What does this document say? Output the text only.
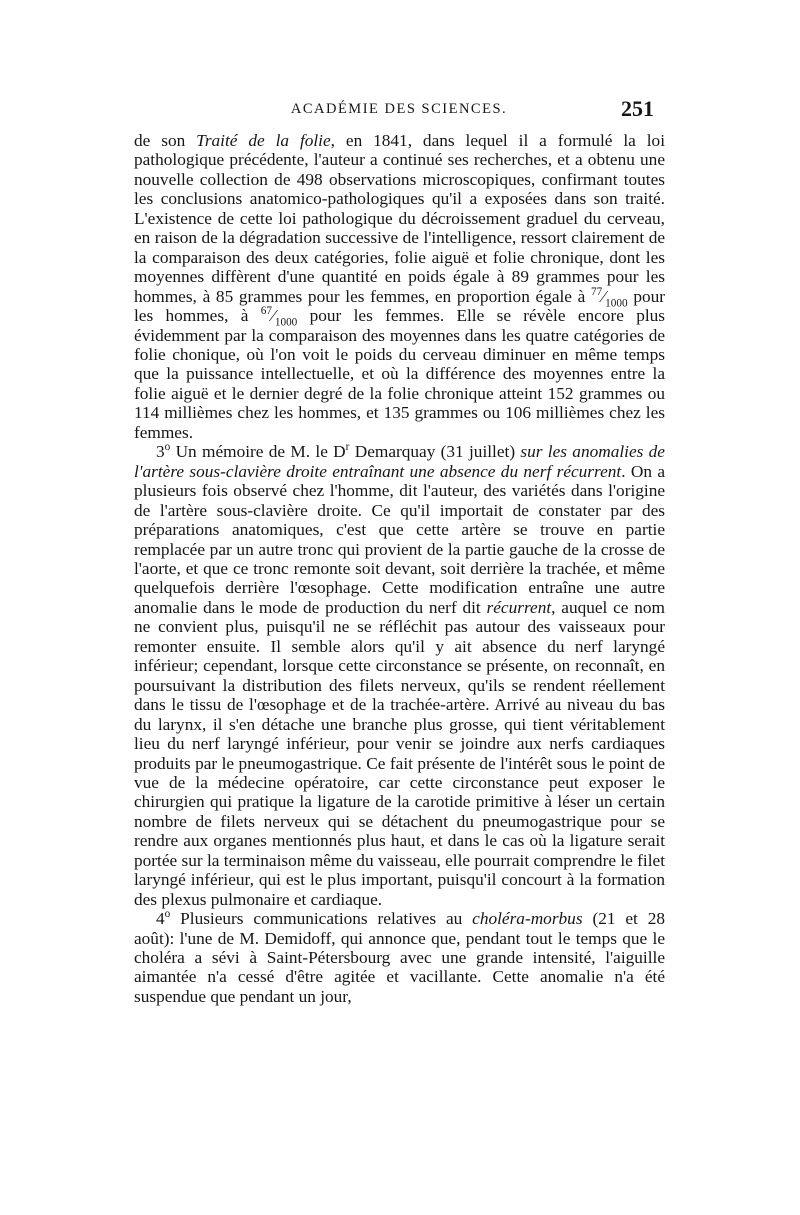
ACADÉMIE DES SCIENCES.	251

de son Traité de la folie, en 1841, dans lequel il a formulé la loi pathologique précédente, l'auteur a continué ses recherches, et a obtenu une nouvelle collection de 498 observations microscopiques, confirmant toutes les conclusions anatomico-pathologiques qu'il a exposées dans son traité. L'existence de cette loi pathologique du décroissement graduel du cerveau, en raison de la dégradation successive de l'intelligence, ressort clairement de la comparaison des deux catégories, folie aiguë et folie chronique, dont les moyennes diffèrent d'une quantité en poids égale à 89 grammes pour les hommes, à 85 grammes pour les femmes, en proportion égale à $^{77}⁄_{1000}$ pour les hommes, à $^{67}⁄_{1000}$ pour les femmes. Elle se révèle encore plus évidemment par la comparaison des moyennes dans les quatre catégories de folie chonique, où l'on voit le poids du cerveau diminuer en même temps que la puissance intellectuelle, et où la différence des moyennes entre la folie aiguë et le dernier degré de la folie chronique atteint 152 grammes ou 114 millièmes chez les hommes, et 135 grammes ou 106 millièmes chez les femmes.

3$^o$ Un mémoire de M. le $D^r$ Demarquay (31 juillet) sur les anomalies de l'artère sous-clavière droite entraînant une absence du nerf récurrent. On a plusieurs fois observé chez l'homme, dit l'auteur, des variétés dans l'origine de l'artère sous-clavière droite. Ce qu'il importait de constater par des préparations anatomiques, c'est que cette artère se trouve en partie remplacée par un autre tronc qui provient de la partie gauche de la crosse de l'aorte, et que ce tronc remonte soit devant, soit derrière la trachée, et même quelquefois derrière l'œsophage. Cette modification entraîne une autre anomalie dans le mode de production du nerf dit récurrent, auquel ce nom ne convient plus, puisqu'il ne se réfléchit pas autour des vaisseaux pour remonter ensuite. Il semble alors qu'il y ait absence du nerf laryngé inférieur; cependant, lorsque cette circonstance se présente, on reconnaît, en poursuivant la distribution des filets nerveux, qu'ils se rendent réellement dans le tissu de l'œsophage et de la trachée-artère. Arrivé au niveau du bas du larynx, il s'en détache une branche plus grosse, qui tient véritablement lieu du nerf laryngé inférieur, pour venir se joindre aux nerfs cardiaques produits par le pneumogastrique. Ce fait présente de l'intérêt sous le point de vue de la médecine opératoire, car cette circonstance peut exposer le chirurgien qui pratique la ligature de la carotide primitive à léser un certain nombre de filets nerveux qui se détachent du pneumogastrique pour se rendre aux organes mentionnés plus haut, et dans le cas où la ligature serait portée sur la terminaison même du vaisseau, elle pourrait comprendre le filet laryngé inférieur, qui est le plus important, puisqu'il concourt à la formation des plexus pulmonaire et cardiaque.

4$^o$ Plusieurs communications relatives au choléra-morbus (21 et 28 août): l'une de M. Demidoff, qui annonce que, pendant tout le temps que le choléra a sévi à Saint-Pétersbourg avec une grande intensité, l'aiguille aimantée n'a cessé d'être agitée et vacillante. Cette anomalie n'a été suspendue que pendant un jour,
